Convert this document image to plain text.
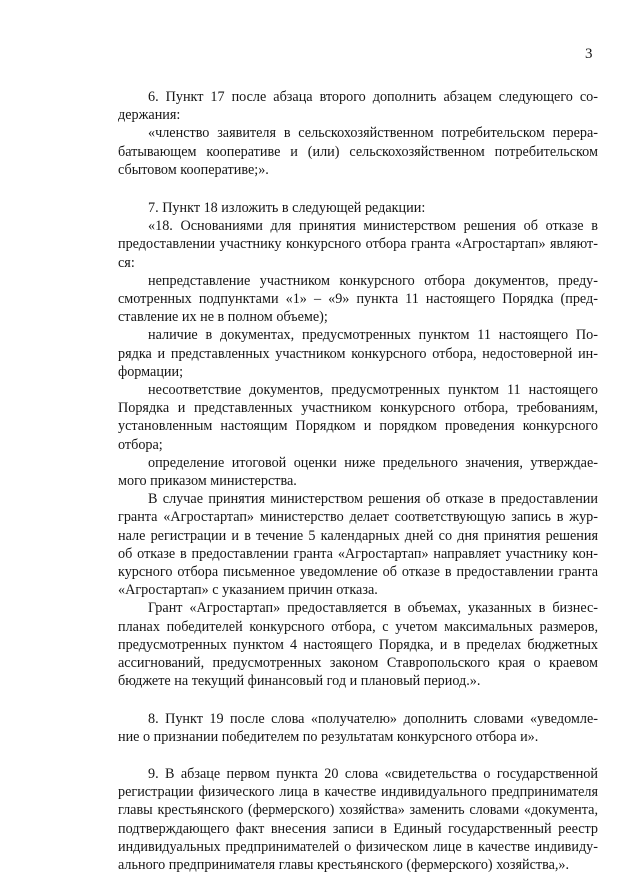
3
6. Пункт 17 после абзаца второго дополнить абзацем следующего со-
держания:
«членство заявителя в сельскохозяйственном потребительском перера-
батывающем кооперативе и (или) сельскохозяйственном потребительском
сбытовом кооперативе;».
7. Пункт 18 изложить в следующей редакции:
«18. Основаниями для принятия министерством решения об отказе в
предоставлении участнику конкурсного отбора гранта «Агростартап» являют-
ся:
непредставление участником конкурсного отбора документов, преду-
смотренных подпунктами «1» – «9» пункта 11 настоящего Порядка (пред-
ставление их не в полном объеме);
наличие в документах, предусмотренных пунктом 11 настоящего По-
рядка и представленных участником конкурсного отбора, недостоверной ин-
формации;
несоответствие документов, предусмотренных пунктом 11 настоящего
Порядка и представленных участником конкурсного отбора, требованиям,
установленным настоящим Порядком и порядком проведения конкурсного
отбора;
определение итоговой оценки ниже предельного значения, утверждае-
мого приказом министерства.
В случае принятия министерством решения об отказе в предоставлении
гранта «Агростартап» министерство делает соответствующую запись в жур-
нале регистрации и в течение 5 календарных дней со дня принятия решения
об отказе в предоставлении гранта «Агростартап» направляет участнику кон-
курсного отбора письменное уведомление об отказе в предоставлении гранта
«Агростартап» с указанием причин отказа.
Грант «Агростартап» предоставляется в объемах, указанных в бизнес-
планах победителей конкурсного отбора, с учетом максимальных размеров,
предусмотренных пунктом 4 настоящего Порядка, и в пределах бюджетных
ассигнований, предусмотренных законом Ставропольского края о краевом
бюджете на текущий финансовый год и плановый период.».
8. Пункт 19 после слова «получателю» дополнить словами «уведомле-
ние о признании победителем по результатам конкурсного отбора и».
9. В абзаце первом пункта 20 слова «свидетельства о государственной
регистрации физического лица в качестве индивидуального предпринимателя
главы крестьянского (фермерского) хозяйства» заменить словами «документа,
подтверждающего факт внесения записи в Единый государственный реестр
индивидуальных предпринимателей о физическом лице в качестве индивиду-
ального предпринимателя главы крестьянского (фермерского) хозяйства,».
